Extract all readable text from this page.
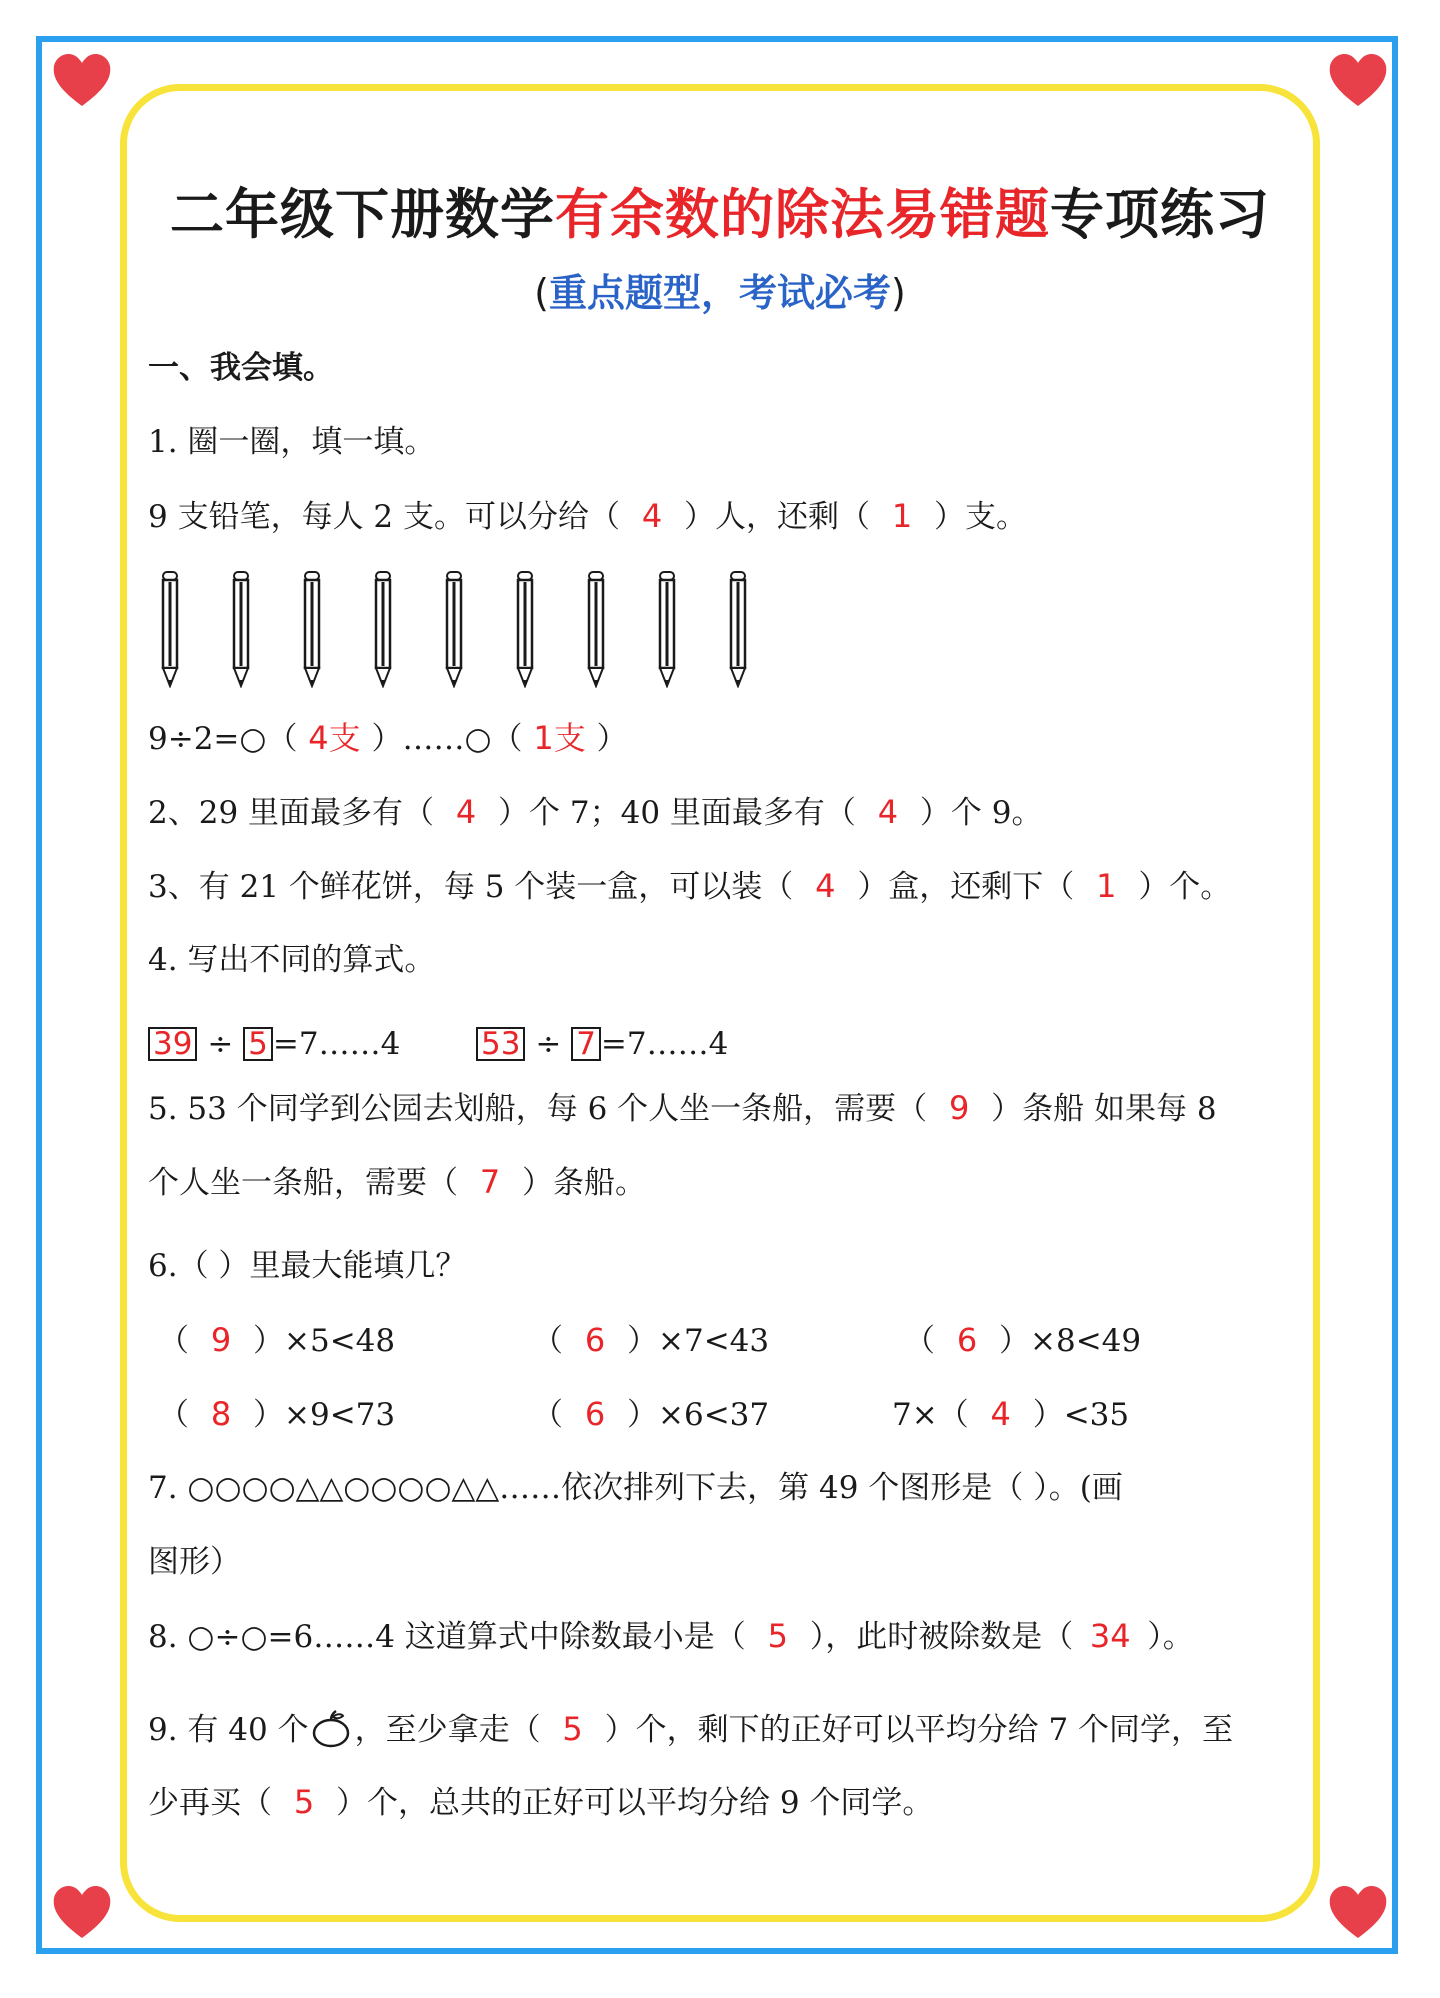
二年级下册数学有余数的除法易错题专项练习
(重点题型，考试必考)
一、我会填。
1. 圈一圈，填一填。
9 支铅笔，每人 2 支。可以分给（ 4 ）人，还剩（ 1 ）支。
9÷2=○（ 4支 ）……○（ 1支 ）
2、29 里面最多有（ 4 ）个 7；40 里面最多有（ 4 ）个 9。
3、有 21 个鲜花饼，每 5 个装一盒，可以装（ 4 ）盒，还剩下（ 1 ）个。
4. 写出不同的算式。
39 ÷ 5 =7……4	53 ÷ 7 =7……4
5. 53 个同学到公园去划船，每 6 个人坐一条船，需要（ 9 ）条船 如果每 8
个人坐一条船，需要（ 7 ）条船。
6.（ ）里最大能填几？
（ 9 ）×5<48	（ 6 ）×7<43	（ 6 ）×8<49
（ 8 ）×9<73	（ 6 ）×6<37	7×（ 4 ）<35
7. ○○○○△△○○○○△△……依次排列下去，第 49 个图形是（ ）。(画
图形）
8. ○÷○=6……4 这道算式中除数最小是（ 5 ），此时被除数是（ 34 ）。
9. 有 40 个 ，至少拿走（ 5 ）个，剩下的正好可以平均分给 7 个同学，至
少再买（ 5 ）个，总共的正好可以平均分给 9 个同学。
